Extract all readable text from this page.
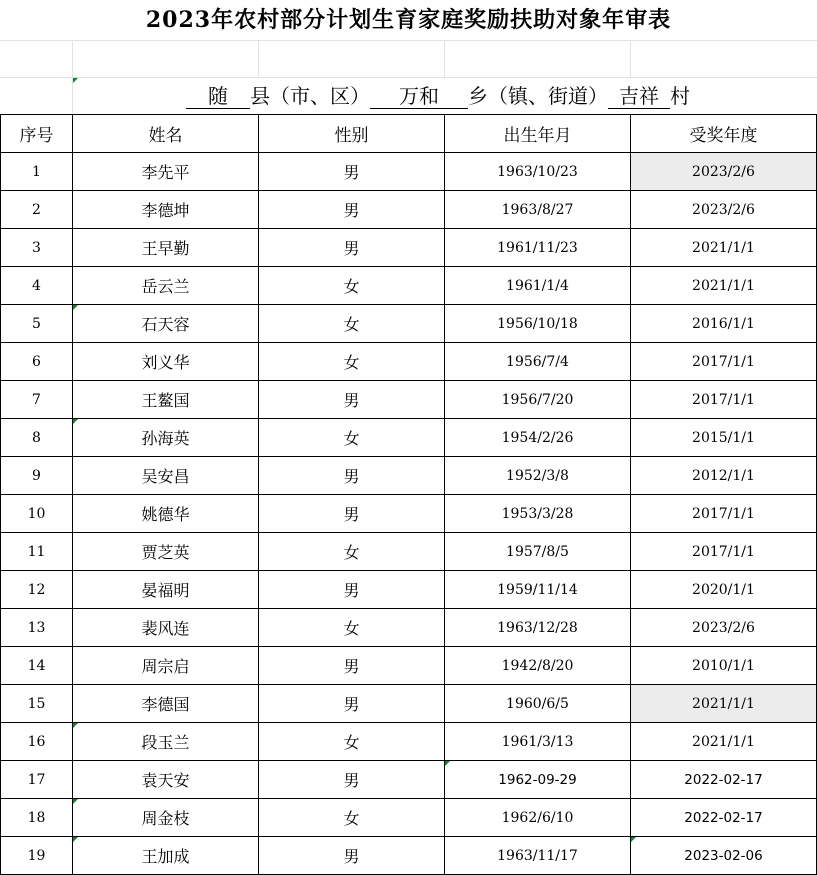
2023年农村部分计划生育家庭奖励扶助对象年审表
随 县（市、区） 万和 乡（镇、街道） 吉祥 村
序号	姓名	性别	出生年月	受奖年度
1	李先平	男	1963/10/23	2023/2/6
2	李德坤	男	1963/8/27	2023/2/6
3	王早勤	男	1961/11/23	2021/1/1
4	岳云兰	女	1961/1/4	2021/1/1
5	石天容	女	1956/10/18	2016/1/1
6	刘义华	女	1956/7/4	2017/1/1
7	王鳌国	男	1956/7/20	2017/1/1
8	孙海英	女	1954/2/26	2015/1/1
9	吴安昌	男	1952/3/8	2012/1/1
10	姚德华	男	1953/3/28	2017/1/1
11	贾芝英	女	1957/8/5	2017/1/1
12	晏福明	男	1959/11/14	2020/1/1
13	裴风连	女	1963/12/28	2023/2/6
14	周宗启	男	1942/8/20	2010/1/1
15	李德国	男	1960/6/5	2021/1/1
16	段玉兰	女	1961/3/13	2021/1/1
17	袁天安	男	1962-09-29	2022-02-17
18	周金枝	女	1962/6/10	2022-02-17
19	王加成	男	1963/11/17	2023-02-06
